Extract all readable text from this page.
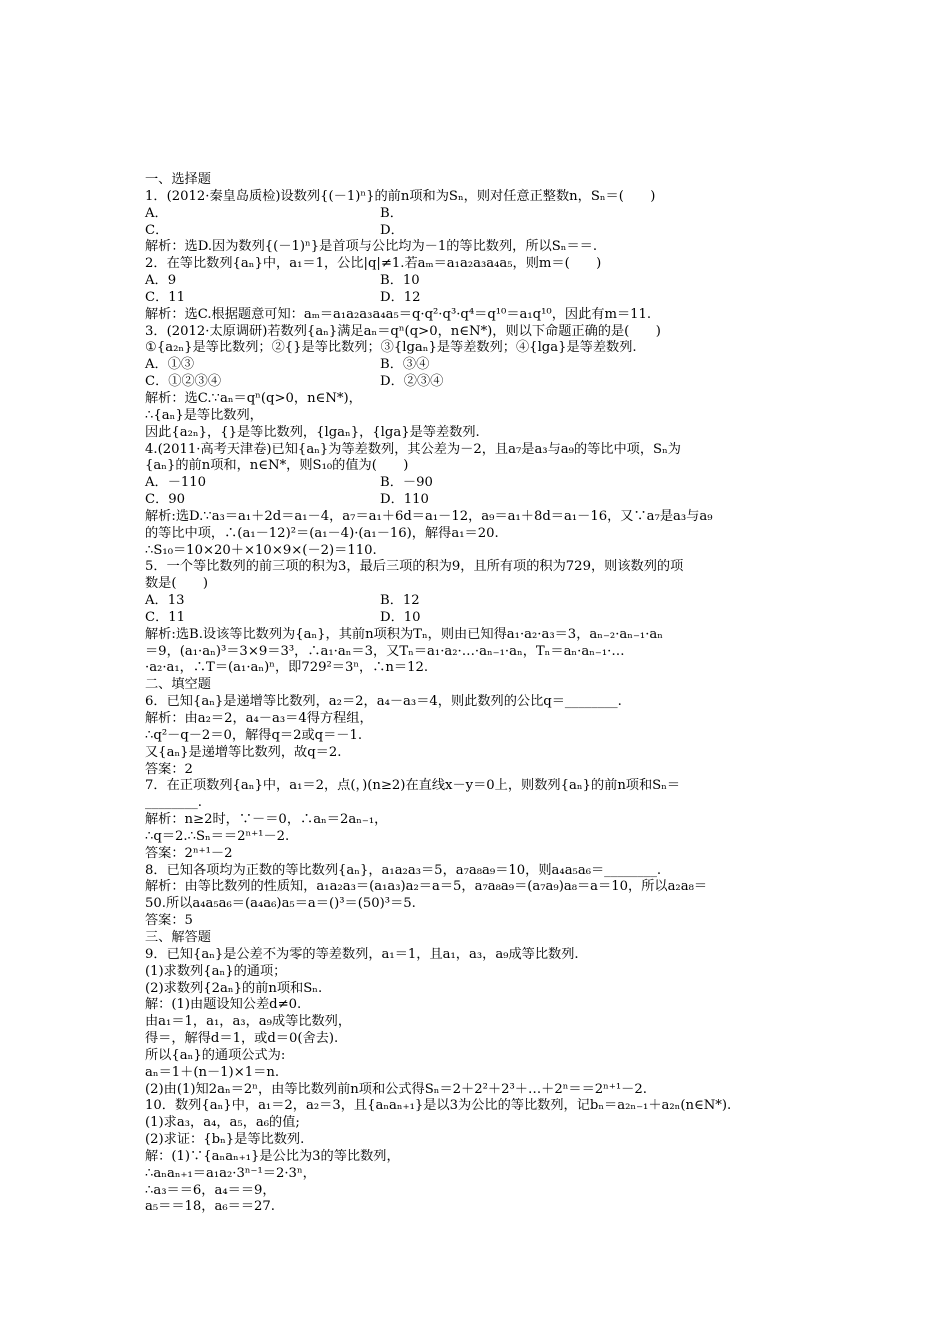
一、选择题
1．(2012·秦皇岛质检)设数列{(－1)ⁿ}的前n项和为Sₙ，则对任意正整数n，Sₙ＝(　　)
A．	B．
C．	D．
解析：选D.因为数列{(－1)ⁿ}是首项与公比均为－1的等比数列，所以Sₙ＝＝.
2．在等比数列{aₙ}中，a₁＝1，公比|q|≠1.若aₘ＝a₁a₂a₃a₄a₅，则m＝(　　)
A．9	B．10
C．11	D．12
解析：选C.根据题意可知：aₘ＝a₁a₂a₃a₄a₅＝q·q²·q³·q⁴＝q¹⁰＝a₁q¹⁰，因此有m＝11.
3．(2012·太原调研)若数列{aₙ}满足aₙ＝qⁿ(q>0，n∈N*)，则以下命题正确的是(　　)
①{a₂ₙ}是等比数列；②{}是等比数列；③{lgaₙ}是等差数列；④{lga}是等差数列.
A．①③	B．③④
C．①②③④	D．②③④
解析：选C.∵aₙ＝qⁿ(q>0，n∈N*)，
∴{aₙ}是等比数列，
因此{a₂ₙ}，{}是等比数列，{lgaₙ}，{lga}是等差数列.
4.(2011·高考天津卷)已知{aₙ}为等差数列，其公差为－2，且a₇是a₃与a₉的等比中项，Sₙ为
{aₙ}的前n项和，n∈N*，则S₁₀的值为(　　)
A．－110	B．－90
C．90	D．110
解析:选D.∵a₃＝a₁＋2d＝a₁－4，a₇＝a₁＋6d＝a₁－12，a₉＝a₁＋8d＝a₁－16，又∵a₇是a₃与a₉
的等比中项，∴(a₁－12)²＝(a₁－4)·(a₁－16)，解得a₁＝20.
∴S₁₀＝10×20＋×10×9×(－2)＝110.
5．一个等比数列的前三项的积为3，最后三项的积为9，且所有项的积为729，则该数列的项
数是(　　)
A．13	B．12
C．11	D．10
解析:选B.设该等比数列为{aₙ}，其前n项积为Tₙ，则由已知得a₁·a₂·a₃＝3，aₙ₋₂·aₙ₋₁·aₙ
＝9，(a₁·aₙ)³＝3×9＝3³，∴a₁·aₙ＝3，又Tₙ＝a₁·a₂·…·aₙ₋₁·aₙ，Tₙ＝aₙ·aₙ₋₁·…
·a₂·a₁，∴T＝(a₁·aₙ)ⁿ，即729²＝3ⁿ，∴n＝12.
二、填空题
6．已知{aₙ}是递增等比数列，a₂＝2，a₄－a₃＝4，则此数列的公比q＝________.
解析：由a₂＝2，a₄－a₃＝4得方程组，
∴q²－q－2＝0，解得q＝2或q＝－1.
又{aₙ}是递增等比数列，故q＝2.
答案：2
7．在正项数列{aₙ}中，a₁＝2，点(，)(n≥2)在直线x－y＝0上，则数列{aₙ}的前n项和Sₙ＝
________.
解析：n≥2时，∵－＝0，∴aₙ＝2aₙ₋₁，
∴q＝2.∴Sₙ＝＝2ⁿ⁺¹－2.
答案：2ⁿ⁺¹－2
8．已知各项均为正数的等比数列{aₙ}，a₁a₂a₃＝5，a₇a₈a₉＝10，则a₄a₅a₆＝________.
解析：由等比数列的性质知，a₁a₂a₃＝(a₁a₃)a₂＝a＝5，a₇a₈a₉＝(a₇a₉)a₈＝a＝10，所以a₂a₈＝
50.所以a₄a₅a₆＝(a₄a₆)a₅＝a＝()³＝(50)³＝5.
答案：5
三、解答题
9．已知{aₙ}是公差不为零的等差数列，a₁＝1，且a₁，a₃，a₉成等比数列.
(1)求数列{aₙ}的通项；
(2)求数列{2aₙ}的前n项和Sₙ.
解：(1)由题设知公差d≠0.
由a₁＝1，a₁，a₃，a₉成等比数列，
得＝，解得d＝1，或d＝0(舍去).
所以{aₙ}的通项公式为:
aₙ＝1＋(n－1)×1＝n.
(2)由(1)知2aₙ＝2ⁿ，由等比数列前n项和公式得Sₙ＝2＋2²＋2³＋…＋2ⁿ＝＝2ⁿ⁺¹－2.
10．数列{aₙ}中，a₁＝2，a₂＝3，且{aₙaₙ₊₁}是以3为公比的等比数列，记bₙ＝a₂ₙ₋₁＋a₂ₙ(n∈N*).
(1)求a₃，a₄，a₅，a₆的值;
(2)求证：{bₙ}是等比数列.
解：(1)∵{aₙaₙ₊₁}是公比为3的等比数列，
∴aₙaₙ₊₁＝a₁a₂·3ⁿ⁻¹＝2·3ⁿ，
∴a₃＝＝6，a₄＝＝9，
a₅＝＝18，a₆＝＝27.
